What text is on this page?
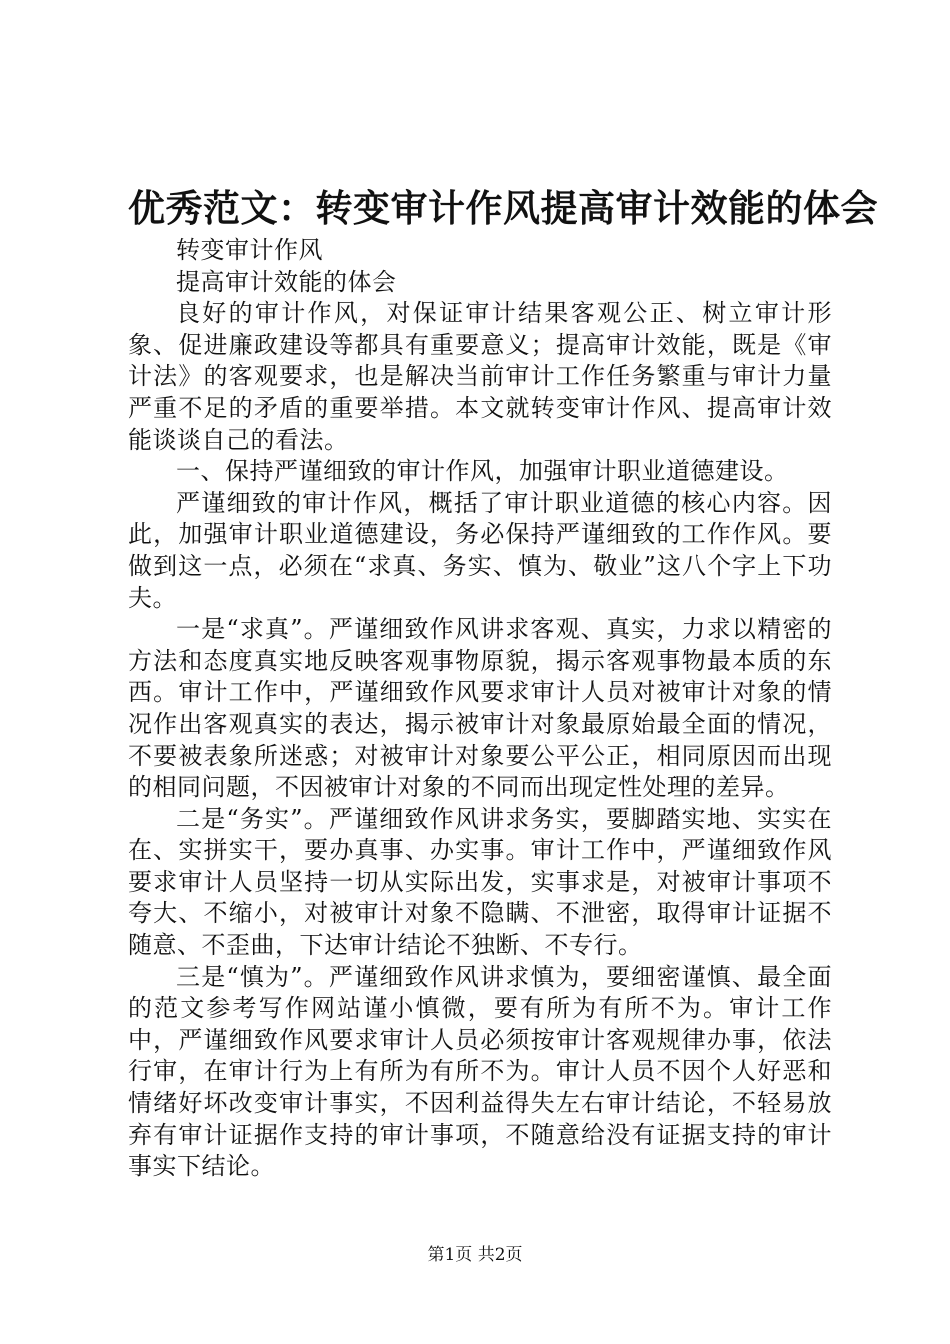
优秀范文：转变审计作风提高审计效能的体会

转变审计作风

提高审计效能的体会

良好的审计作风，对保证审计结果客观公正、树立审计形象、促进廉政建设等都具有重要意义；提高审计效能，既是《审计法》的客观要求，也是解决当前审计工作任务繁重与审计力量严重不足的矛盾的重要举措。本文就转变审计作风、提高审计效能谈谈自己的看法。

一、保持严谨细致的审计作风，加强审计职业道德建设。

严谨细致的审计作风，概括了审计职业道德的核心内容。因此，加强审计职业道德建设，务必保持严谨细致的工作作风。要做到这一点，必须在“求真、务实、慎为、敬业”这八个字上下功夫。

一是“求真”。严谨细致作风讲求客观、真实，力求以精密的方法和态度真实地反映客观事物原貌，揭示客观事物最本质的东西。审计工作中，严谨细致作风要求审计人员对被审计对象的情况作出客观真实的表达，揭示被审计对象最原始最全面的情况，不要被表象所迷惑；对被审计对象要公平公正，相同原因而出现的相同问题，不因被审计对象的不同而出现定性处理的差异。

二是“务实”。严谨细致作风讲求务实，要脚踏实地、实实在在、实拼实干，要办真事、办实事。审计工作中，严谨细致作风要求审计人员坚持一切从实际出发，实事求是，对被审计事项不夸大、不缩小，对被审计对象不隐瞒、不泄密，取得审计证据不随意、不歪曲，下达审计结论不独断、不专行。

三是“慎为”。严谨细致作风讲求慎为，要细密谨慎、最全面的范文参考写作网站谨小慎微，要有所为有所不为。审计工作中，严谨细致作风要求审计人员必须按审计客观规律办事，依法行审，在审计行为上有所为有所不为。审计人员不因个人好恶和情绪好坏改变审计事实，不因利益得失左右审计结论，不轻易放弃有审计证据作支持的审计事项，不随意给没有证据支持的审计事实下结论。

第1页 共2页
